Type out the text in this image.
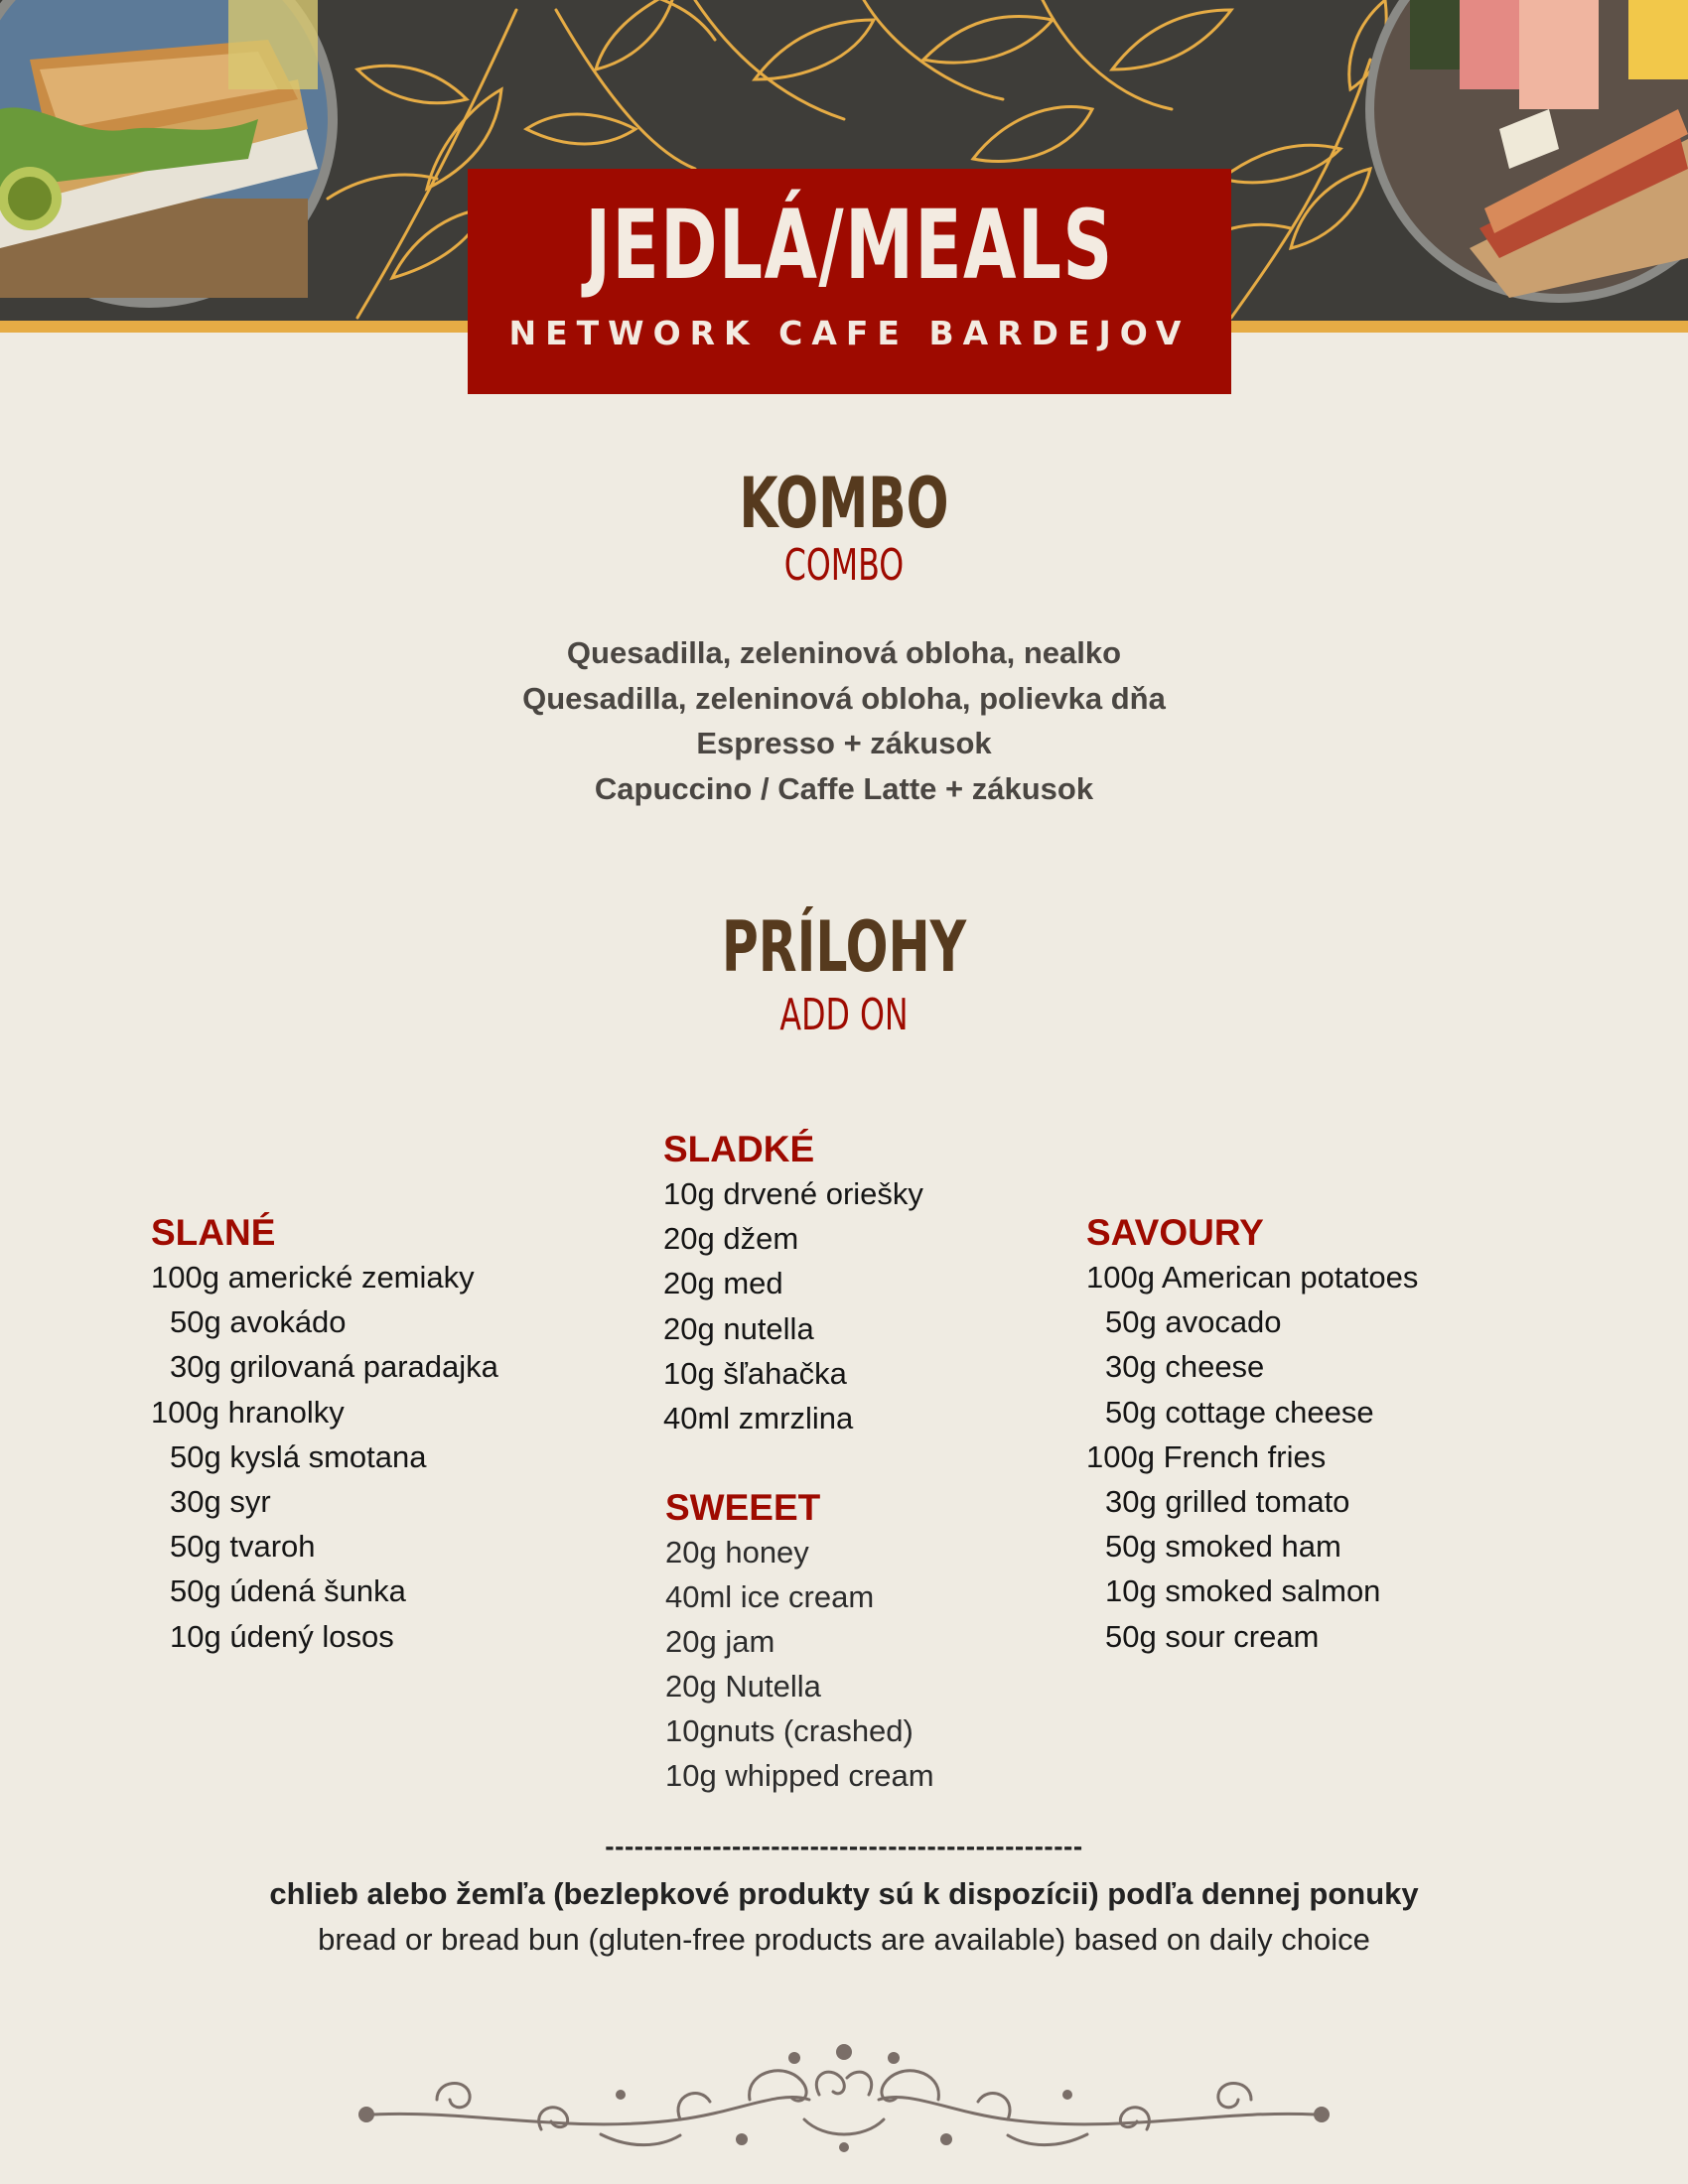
JEDLÁ/MEALS
NETWORK CAFE BARDEJOV
KOMBO
COMBO
Quesadilla, zeleninová obloha, nealko
Quesadilla, zeleninová obloha, polievka dňa
Espresso + zákusok
Capuccino / Caffe Latte + zákusok
PRÍLOHY
ADD ON
SLANÉ
100g americké zemiaky
50g avokádo
30g grilovaná paradajka
100g hranolky
50g kyslá smotana
30g syr
50g tvaroh
50g údená šunka
10g údený losos
SLADKÉ
10g drvené oriešky
20g džem
20g med
20g nutella
10g šľahačka
40ml zmrzlina
SWEEET
20g honey
40ml ice cream
20g jam
20g Nutella
10gnuts (crashed)
10g whipped cream
SAVOURY
100g American potatoes
50g avocado
30g cheese
50g cottage cheese
100g French fries
30g grilled tomato
50g smoked ham
10g smoked salmon
50g sour cream
-------------------------------------------------
chlieb alebo žemľa (bezlepkové produkty sú k dispozícii) podľa dennej ponuky
bread or bread bun (gluten-free products are available) based on daily choice
